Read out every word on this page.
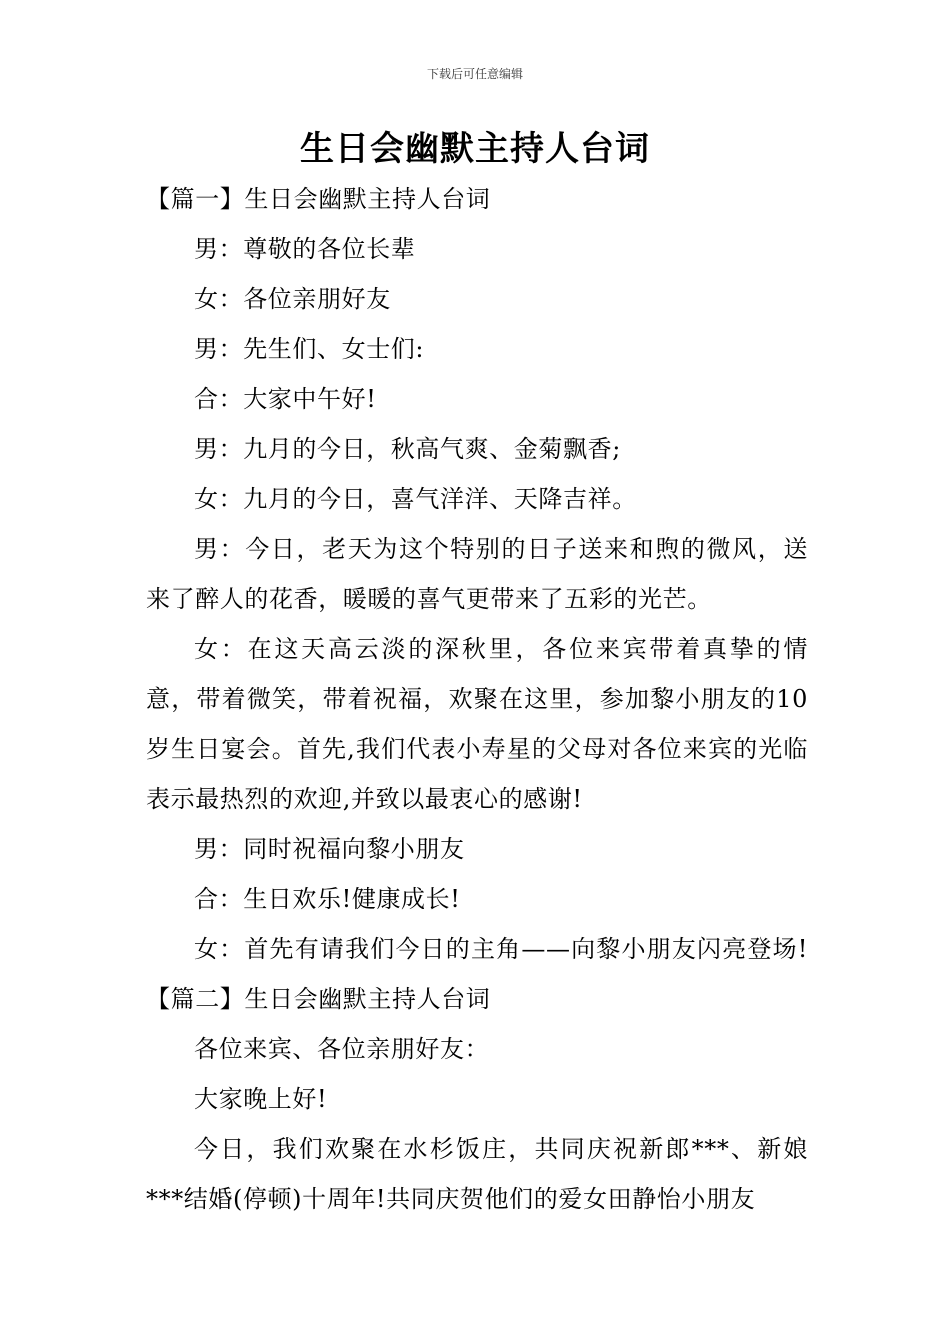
下载后可任意编辑
生日会幽默主持人台词

【篇一】生日会幽默主持人台词

男：尊敬的各位长辈

女：各位亲朋好友

男：先生们、女士们:

合：大家中午好!

男：九月的今日，秋高气爽、金菊飘香;

女：九月的今日，喜气洋洋、天降吉祥。

男：今日，老天为这个特别的日子送来和煦的微风，送来了醉人的花香，暖暖的喜气更带来了五彩的光芒。

女：在这天高云淡的深秋里，各位来宾带着真挚的情意，带着微笑，带着祝福，欢聚在这里，参加黎小朋友的10岁生日宴会。首先,我们代表小寿星的父母对各位来宾的光临表示最热烈的欢迎,并致以最衷心的感谢!

男：同时祝福向黎小朋友

合：生日欢乐!健康成长!

女：首先有请我们今日的主角——向黎小朋友闪亮登场!【篇二】生日会幽默主持人台词

各位来宾、各位亲朋好友：

大家晚上好!

今日，我们欢聚在水杉饭庄，共同庆祝新郎***、新娘***结婚(停顿)十周年!共同庆贺他们的爱女田静怡小朋友
